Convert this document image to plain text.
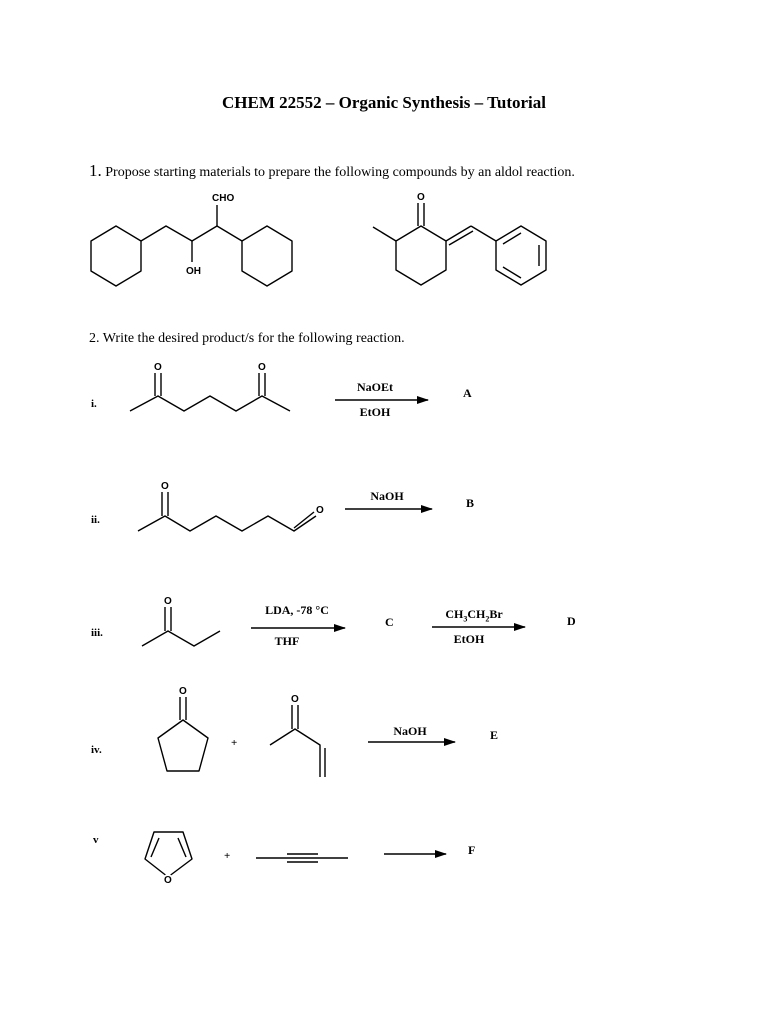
CHEM 22552 – Organic Synthesis – Tutorial
1. Propose starting materials to prepare the following compounds by an aldol reaction.
CHO
OH
O
2. Write the desired product/s for the following reaction.
i.
NaOEt
EtOH
A
ii.
NaOH	B
iii.
LDA, -78 °C
THF
C
$CH_3CH_2Br$
EtOH
D
iv.
+
NaOH	E
v
+	F
O	O
O
O
O
O
O
O
